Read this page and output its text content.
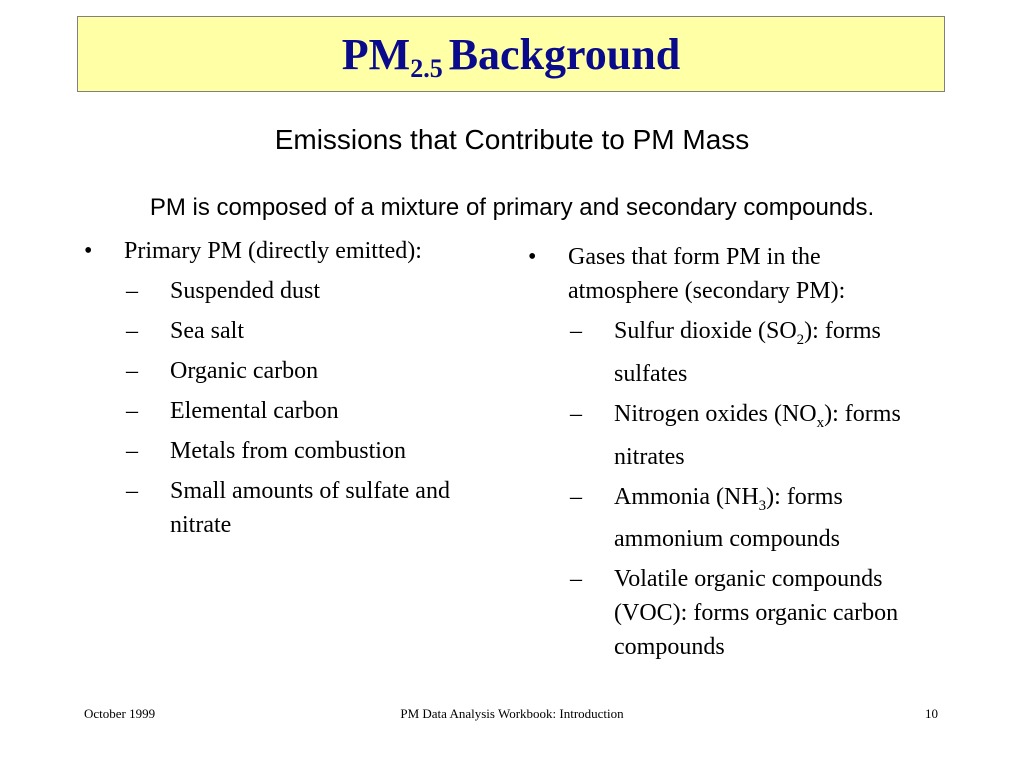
$PM_{2.5}$ Background
Emissions that Contribute to PM Mass
PM is composed of a mixture of primary and secondary compounds.
•	Primary PM (directly emitted):
–	Suspended dust
–	Sea salt
–	Organic carbon
–	Elemental carbon
–	Metals from combustion
–	Small amounts of sulfate and nitrate
•	Gases that form PM in the atmosphere (secondary PM):
–	Sulfur dioxide $(SO_2)$: forms sulfates
–	Nitrogen oxides $(NO_x)$: forms nitrates
–	Ammonia $(NH_3)$: forms ammonium compounds
–	Volatile organic compounds (VOC): forms organic carbon compounds
October 1999	PM Data Analysis Workbook: Introduction	10
